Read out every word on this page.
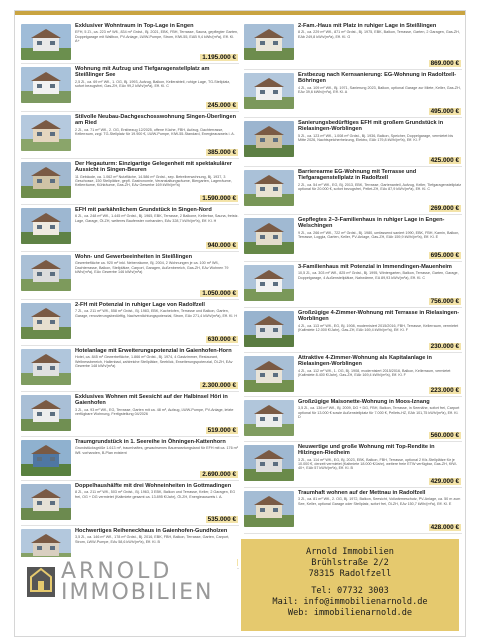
Exklusiver Wohntraum in Top-Lage in Engen
EFH, 5 Zi., ca. 223 m² Wfl., 834 m² Grdst., Bj. 2021, EBK, FBH, Terrasse, Sauna, gepflegter Garten, Doppelgarage mit Wallbox, PV-Anlage, LWW-Pumpe, Strom, KfW-55, EAB 9,4 kWh/(m²a), Eff. Kl. A+
1.195.000 €
Wohnung mit Aufzug und Tiefgaragenstellplatz am Steißlinger See
2,5 Zi., ca. 69 m² Wfl., 1. OG, Bj. 1993, Aufzug, Balkon, Kellerabteil, ruhige Lage, TG-Stellplatz, sofort bezugsfrei, Gas-ZH, EAv 99,2 kWh/(m²a), Eff. Kl. C
245.000 €
Stilvolle Neubau-Dachgeschosswohnung Singen-Überlingen am Ried
2 Zi., ca. 71 m² Wfl., 2. OG, Erstbezug 12/2025, offene Küche, FBH, Aufzug, Dachterrasse, Kellerraum, zzgl. TG-Stellplatz für 19.900 €, LWW-Pumpe, KfW-55-Standard, Energieausweis i. A.
385.000 €
Der Hegauturm: Einzigartige Gelegenheit mit spektakulärer Aussicht in Singen-Beuren
11 Gebäude, ca. 1.062 m² Nutzfläche, 14.586 m² Grdst., sep. Betreiberwohnung, Bj. 1937, 3 Geschosse, 150 Stellplätze, gepfl. Gastronomie, Veranstaltungsräume, Biergarten, Lagerräume, Kellerräume, Kühlräume, Gas-ZH, EAv Gewerbe 169 kWh/(m²a)
1.590.000 €
EFH mit parkähnlichem Grundstück in Singen-Nord
6 Zi., ca. 248 m² Wfl., 1.445 m² Grdst., Bj. 1965, EBK, Terrasse, 2 Balkone, Kellerbar, Sauna, freistz. Lage, Garage, Öl-ZH, weiteres Baufenster vorhanden, EAv 328,7 kWh/(m²a), Eff. Kl. H
940.000 €
Wohn- und Gewerbeeinheiten in Steißlingen
Gewerbefläche ca. 920 m² inkl. Nebenräume, Bj. 2004, 2 Wohnungen je ca. 100 m² Wfl., Dachterrasse, Balkon, Stellplätze, Carport, Garagen, Außenbereich, Gas-ZH, EAv Wohnen 79 kWh/(m²a), EAv Gewerbe 146 kWh/(m²a)
1.050.000 €
2-FH mit Potenzial in ruhiger Lage von Radolfzell
7 Zi., ca. 211 m² Wfl., 558 m² Grdst., Bj. 1983, EBK, Kachelofen, Terrasse und Balkon, Garten, Garage, renovierungsbedürftig, Nachverdichtungspotenzial, Strom, EAv 271,4 kWh/(m²a), Eff. Kl. H
630.000 €
Hotelanlage mit Erweiterungspotenzial in Gaienhofen-Horn
Hotel, ca. 845 m² Gewerbefläche, 1.866 m² Grdst., Bj. 1974, 4 Gastzimmer, Restaurant, Wellnessbereich, Hallenbad, zahlreiche Stellplätze, Seeblick, Erweiterungspotenzial, Öl-ZH, EAv Gewerbe 148 kWh/(m²a)
2.300.000 €
Exklusives Wohnen mit Seesicht auf der Halbinsel Höri in Gaienhofen
3 Zi., ca. 93 m² Wfl., EG, Terrasse, Garten mit ca. 48 m², Aufzug, LWW-Pumpe, PV-Anlage, letzte verfügbare Wohnung, Fertigstellung 04/2026
519.000 €
Traumgrundstück in 1. Seereihe in Öhningen-Kattenhorn
Grundstücksgröße 1.613 m², traumhaftes, gewachsenes Bauerwartungsland für EFH mit ca. 176 m² Wfl. vorhanden, B-Plan existent
2.690.000 €
Doppelhaushälfte mit drei Wohneinheiten in Gottmadingen
8 Zi., ca. 211 m² Wfl., 503 m² Grdst., Bj. 1963, 3 EBK, Balkon und Terrasse, Keller, 2 Garagen, EG frei, OG + DG vermietet (Kaltmiete gesamt ca. 13.895 €/Jahr), Öl-ZH, Energieausweis i. A.
535.000 €
Hochwertiges Reiheneckhaus in Gaienhofen-Gundholzen
3,5 Zi., ca. 146 m² Wfl., 178 m² Grdst., Bj. 2016, EBK, FBH, Balkon, Terrasse, Garten, Carport, Strom, LWW-Pumpe, EAv 58,6 kWh/(m²a), Eff. Kl. B
2-Fam.-Haus mit Platz in ruhiger Lage in Steißlingen
8 Zi., ca. 229 m² Wfl., 871 m² Grdst., Bj. 1975, EBK, Balkon, Terrasse, Garten, 2 Garagen, Gas-ZH, EAb 249,8 kWh/(m²a), Eff. Kl. G
869.000 €
Erstbezug nach Kernsanierung: EG-Wohnung in Radolfzell-Böhringen
4 Zi., ca. 109 m² Wfl., Bj. 1971, Sanierung 2023, Balkon, optional Garage zur Miete, Keller, Gas-ZH, EAv 39,6 kWh/(m²a), Eff. Kl. A
495.000 €
Sanierungsbedürftiges EFH mit großem Grundstück in Rielasingen-Worblingen
5 Zi., ca. 123 m² Wfl., 1.008 m² Grdst., Bj. 1936, Balkon, Speicher, Doppelgarage, vermietet bis Mitte 2026, Nachtspeicherheizung, Elektro, EAb 179,8 kWh/(m²a), Eff. Kl. F
425.000 €
Barrierearme EG-Wohnung mit Terrasse und Tiefgaragenstellplatz in Radolfzell
2 Zi., ca. 54 m² Wfl., EG, Bj. 2013, EBK, Terrasse, Gartenanteil, Aufzug, Keller, Tiefgaragenstellplatz optional für 20.000 €, sofort bezugsfrei, Pellet-ZH, EAv 87,9 kWh/(m²a), Eff. Kl. C
269.000 €
Gepflegtes 2–3-Familienhaus in ruhiger Lage in Engen-Welschingen
9 Zi., ca. 266 m² Wfl., 722 m² Grdst., Bj. 1980, umfassend saniert 1990, EBK, FBH, Kamin, Balkon, Terrasse, Loggia, Garten, Keller, PV-Anlage, Gas-ZH, EAb 159,9 kWh/(m²a), Eff. Kl. E
695.000 €
3-Familienhaus mit Potenzial in Immendingen-Mauenheim
10,5 Zi., ca. 303 m² Wfl., 825 m² Grdst., Bj. 1995, Wintergarten, Balkon, Terrasse, Garten, Garage, Doppelgarage, 4 Außenstellplätze, Nahwärme, EA 89,93 kWh/(m²a), Eff. Kl. C
756.000 €
Großzügige 4-Zimmer-Wohnung mit Terrasse in Rielasingen-Worblingen
4 Zi., ca. 113 m² Wfl., EG, Bj. 1908, modernisiert 2015/2016, FBH, Terrasse, Kellerraum, vermietet (Kaltmiete 12.000 €/Jahr), Gas-ZH, EAb 169,4 kWh/(m²a), Eff. Kl. F
230.000 €
Attraktive 4-Zimmer-Wohnung als Kapitalanlage in Rielasingen-Worblingen
4 Zi., ca. 112 m² Wfl., 1. OG, Bj. 1908, modernisiert 2015/2016, Balkon, Kellerraum, vermietet (Kaltmiete 8.400 €/Jahr), Gas-ZH, EAb 169,4 kWh/(m²a), Eff. Kl. F
223.000 €
Großzügige Maisonette-Wohnung in Moos-Iznang
3,5 Zi., ca. 136 m² Wfl., Bj. 2009, DG + DG, FBH, Balkon, Terrasse, in Seenähe, sofort frei, Carport optional für 13.000 € sowie Außenstellplatz für 7.000 €, Pellets-HZ, EAb 101,75 kWh/(m²a), Eff. Kl. D
560.000 €
Neuwertige und große Wohnung mit Top-Rendite in Hilzingen-Riedheim
3 Zi., ca. 114 m² Wfl., EG, Bj. 2023, EBK, Balkon, FBH, Terrasse, optional 2 Kfz-Stellplätze für je 10.000 €, derzeit vermietet (Kaltmiete 18.000 €/Jahr), weitere freie ETW verfügbar, Gas-ZH, KfW-40+, EAb 57 kWh/(m²a), Eff. Kl. B
429.000 €
Traumhaft wohnen auf der Mettnau in Radolfzell
3 Zi., ca. 81 m² Wfl., 2. OG, Bj. 1972, Balkon, Seesicht, Vollwärmeschutz, PV-Anlage, ca. 50 m zum See, Keller, optional Garage oder Stellplatz, sofort frei, Öl-ZH, EAv 150,7 kWh/(m²a), Eff. Kl. E
428.000 €
ARNOLD
IMMOBILIEN
Arnold Immobilien
Brühlstraße 2/2
78315 Radolfzell
Tel: 07732 3003
Mail: info@immobilienarnold.de
Web: immobilienarnold.de
